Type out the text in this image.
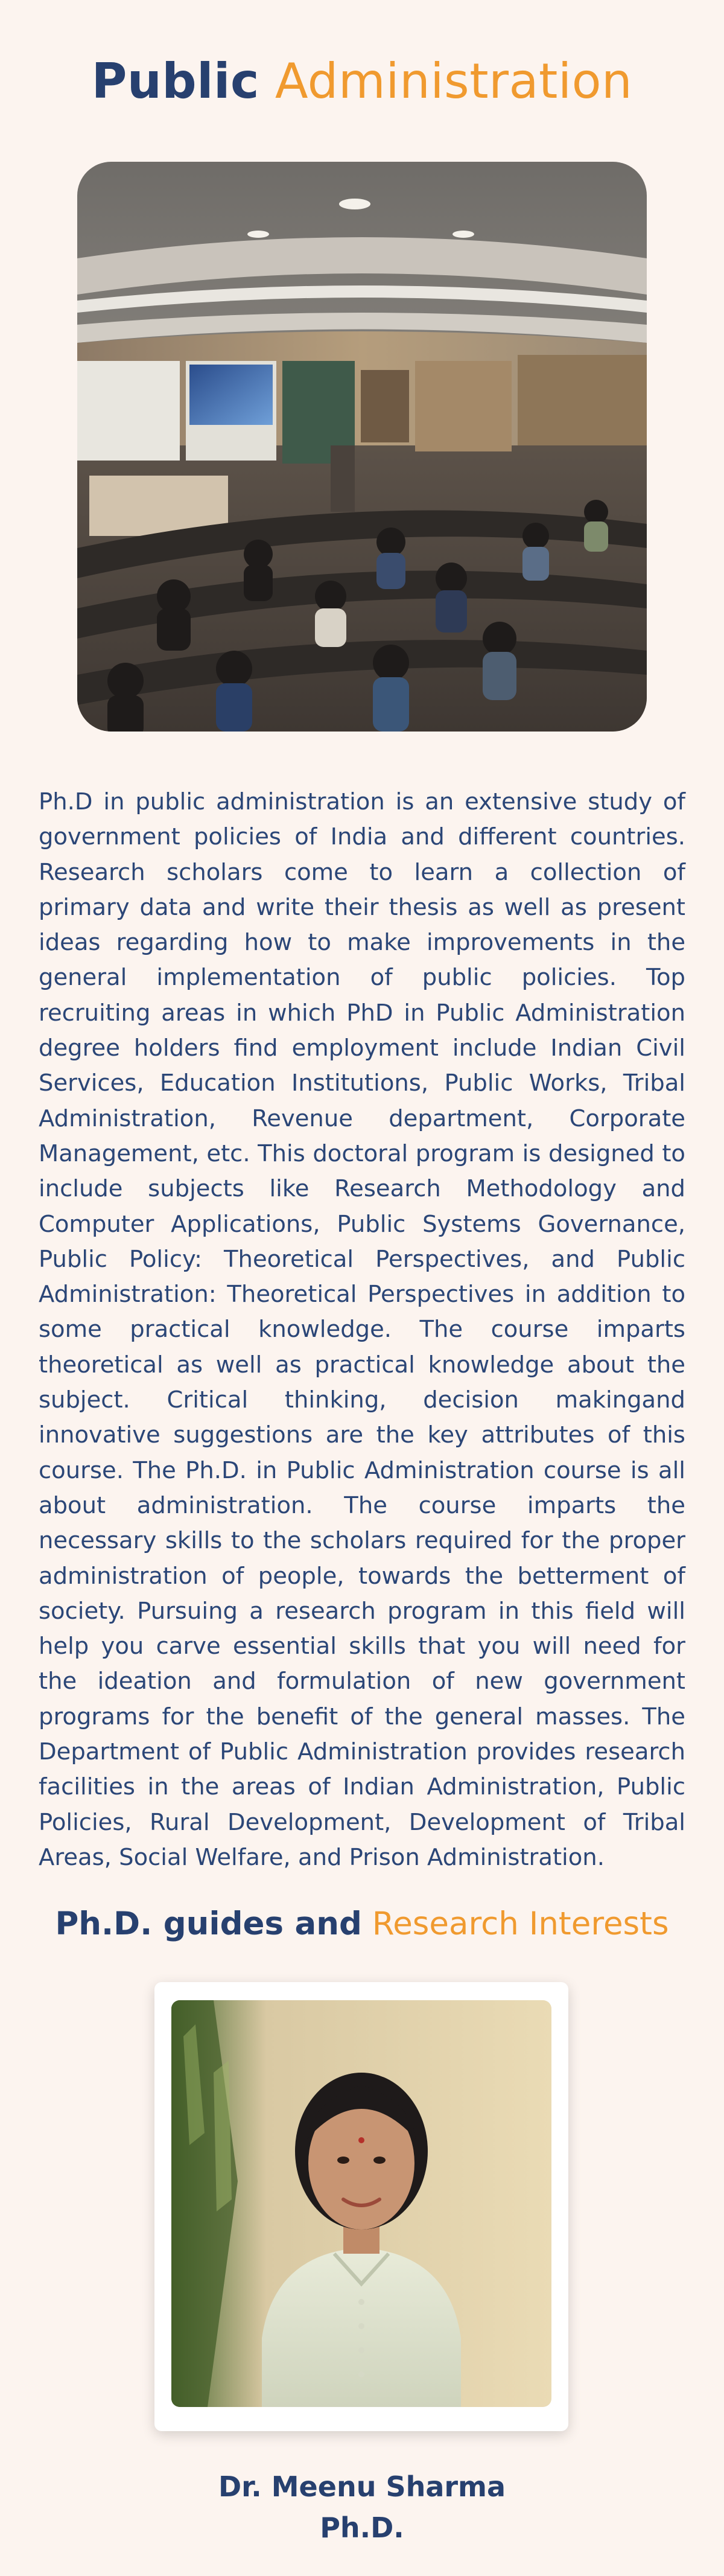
Public Administration

Ph.D in public administration is an extensive study of government policies of India and different countries. Research scholars come to learn a collection of primary data and write their thesis as well as present ideas regarding how to make improvements in the general implementation of public policies. Top recruiting areas in which PhD in Public Administration degree holders find employment include Indian Civil Services, Education Institutions, Public Works, Tribal Administration, Revenue department, Corporate Management, etc. This doctoral program is designed to include subjects like Research Methodology and Computer Applications, Public Systems Governance, Public Policy: Theoretical Perspectives, and Public Administration: Theoretical Perspectives in addition to some practical knowledge. The course imparts theoretical as well as practical knowledge about the subject. Critical thinking, decision makingand innovative suggestions are the key attributes of this course. The Ph.D. in Public Administration course is all about administration. The course imparts the necessary skills to the scholars required for the proper administration of people, towards the betterment of society. Pursuing a research program in this field will help you carve essential skills that you will need for the ideation and formulation of new government programs for the benefit of the general masses. The Department of Public Administration provides research facilities in the areas of Indian Administration, Public Policies, Rural Development, Development of Tribal Areas, Social Welfare, and Prison Administration.

Ph.D. guides and Research Interests
Dr. Meenu Sharma
Ph.D.
